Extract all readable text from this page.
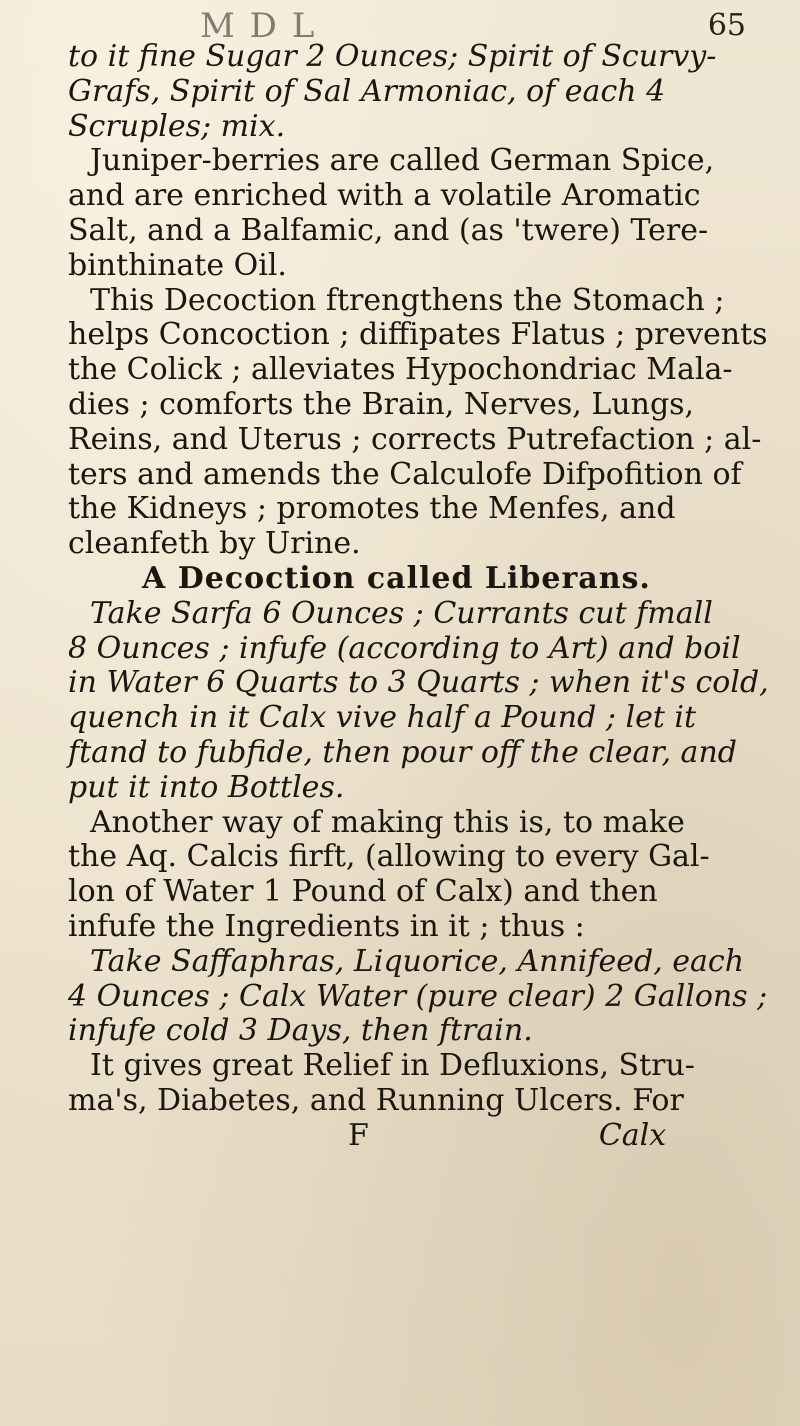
M D L	65
to it fine Sugar 2 Ounces; Spirit of Scurvy-
Grafs, Spirit of Sal Armoniac, of each 4
Scruples; mix.
Juniper-berries are called German Spice,
and are enriched with a volatile Aromatic
Salt, and a Balfamic, and (as 'twere) Tere-
binthinate Oil.
This Decoction ftrengthens the Stomach ;
helps Concoction ; diffipates Flatus ; prevents
the Colick ; alleviates Hypochondriac Mala-
dies ; comforts the Brain, Nerves, Lungs,
Reins, and Uterus ; corrects Putrefaction ; al-
ters and amends the Calculofe Difpofition of
the Kidneys ; promotes the Menfes, and
cleanfeth by Urine.
A Decoction called Liberans.
Take Sarfa 6 Ounces ; Currants cut fmall
8 Ounces ; infufe (according to Art) and boil
in Water 6 Quarts to 3 Quarts ; when it's cold,
quench in it Calx vive half a Pound ; let it
ftand to fubfide, then pour off the clear, and
put it into Bottles.
Another way of making this is, to make
the Aq. Calcis firft, (allowing to every Gal-
lon of Water 1 Pound of Calx) and then
infufe the Ingredients in it ; thus :
Take Saffaphras, Liquorice, Annifeed, each
4 Ounces ; Calx Water (pure clear) 2 Gallons ;
infufe cold 3 Days, then ftrain.
It gives great Relief in Defluxions, Stru-
ma's, Diabetes, and Running Ulcers. For
F	Calx
